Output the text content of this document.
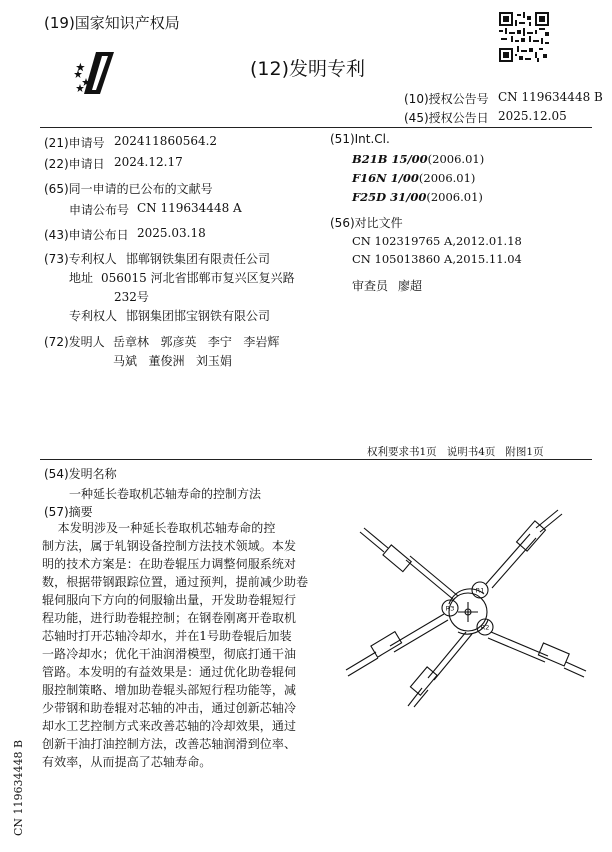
(19)国家知识产权局
(12)发明专利
(10)授权公告号 CN 119634448 B
(45)授权公告日 2025.12.05
(21)申请号 202411860564.2
(22)申请日 2024.12.17
(65)同一申请的已公布的文献号
申请公布号 CN 119634448 A
(43)申请公布日 2025.03.18
(73)专利权人 邯郸钢铁集团有限责任公司
地址 056015 河北省邯郸市复兴区复兴路
232号
专利权人 邯钢集团邯宝钢铁有限公司
(72)发明人 岳章林   郭彦英   李宁   李岩辉
马斌   董俊洲   刘玉娟
(51)Int.Cl.
B21B 15/00(2006.01)
F16N 1/00(2006.01)
F25D 31/00(2006.01)
(56)对比文件
CN 102319765 A,2012.01.18
CN 105013860 A,2015.11.04
审查员 廖超
权利要求书1页   说明书4页   附图1页
(54)发明名称
一种延长卷取机芯轴寿命的控制方法
(57)摘要
本发明涉及一种延长卷取机芯轴寿命的控
制方法，属于轧钢设备控制方法技术领域。本发
明的技术方案是：在助卷辊压力调整伺服系统对
数，根据带钢跟踪位置，通过预判，提前减少助卷
辊伺服向下方向的伺服输出量，开发助卷辊短行
程功能，进行助卷辊控制；在钢卷刚离开卷取机
芯轴时打开芯轴冷却水，并在1号助卷辊后加装
一路冷却水；优化干油润滑模型，彻底打通干油
管路。本发明的有益效果是：通过优化助卷辊伺
服控制策略、增加助卷辊头部短行程功能等，减
少带钢和助卷辊对芯轴的冲击，通过创新芯轴冷
却水工艺控制方式来改善芯轴的冷却效果，通过
创新干油打油控制方法，改善芯轴润滑到位率、
有效率，从而提高了芯轴寿命。
R1
R2
R3
CN 119634448 B
